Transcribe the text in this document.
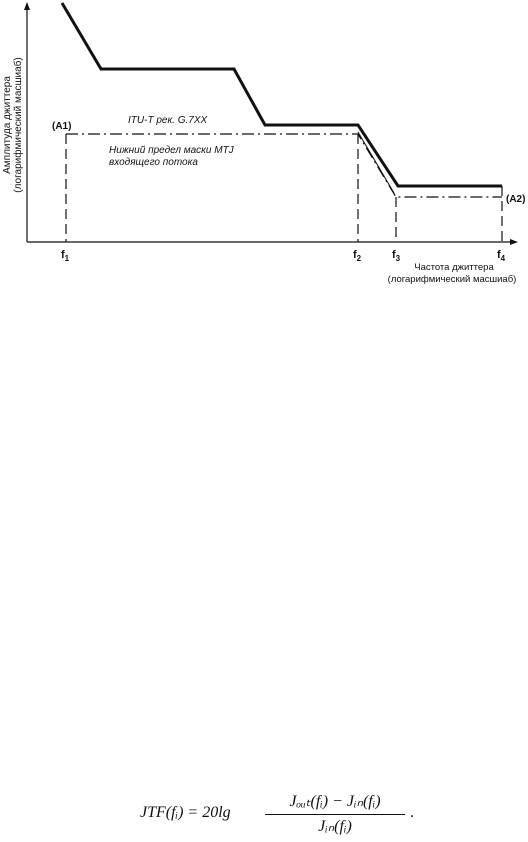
Амплитуда джиттера (логарифмический масшиаб)	(A1)
(A2)
ITU-T рек. G.7XX
Нижний предел маски MTJ
входящего потока
$f_1$	$f_2$	$f_3$	$f_4$
Частота джиттера
(логарифмический масшиаб)
JTF(fᵢ) = 20lg
Jₒᵤₜ(fᵢ) − Jᵢₙ(fᵢ)
Jᵢₙ(fᵢ)
.
